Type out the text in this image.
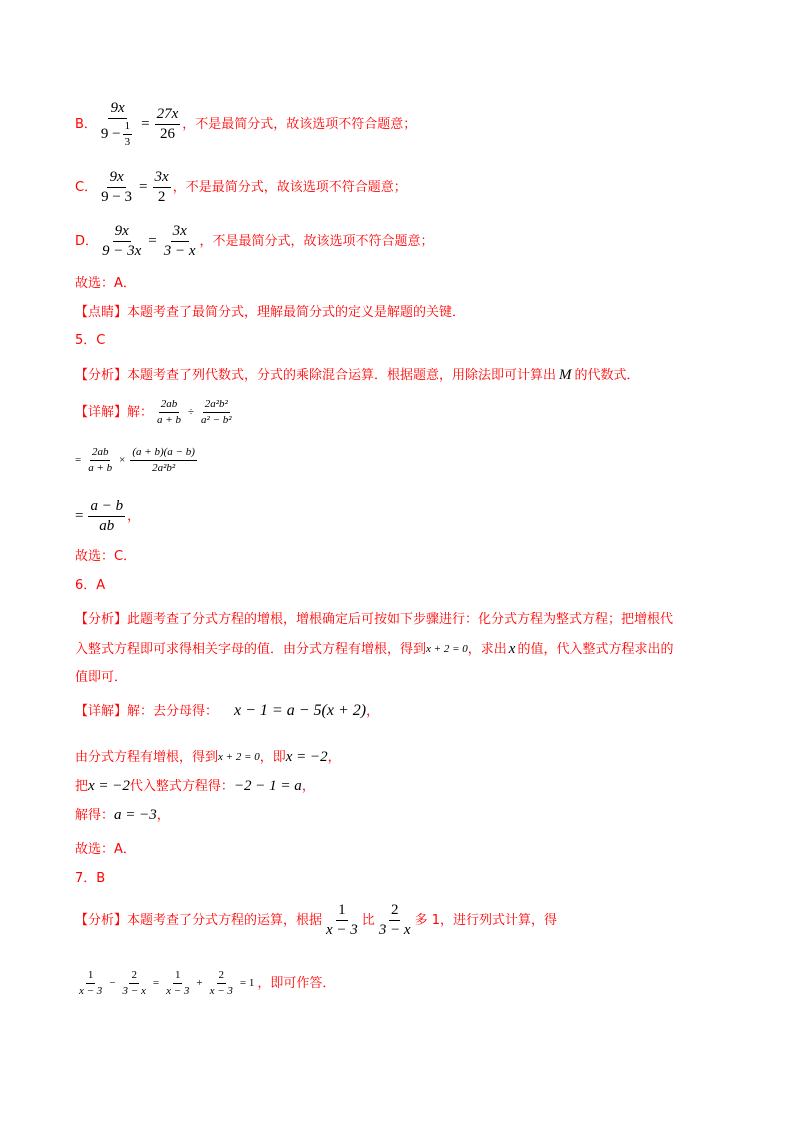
B． $\frac{9x}{9 - \frac{1}{3}} = \frac{27x}{26}$ ，不是最简分式，故该选项不符合题意；
C． $\frac{9x}{9 - 3} = \frac{3x}{2}$ ，不是最简分式，故该选项不符合题意；
D． $\frac{9x}{9 - 3x} = \frac{3x}{3 - x}$ ，不是最简分式，故该选项不符合题意；
故选：A．
【点睛】本题考查了最简分式，理解最简分式的定义是解题的关键．
5．C
【分析】本题考查了列代数式，分式的乘除混合运算．根据题意，用除法即可计算出 M 的代数式．
【详解】解： $\frac{2ab}{a + b} \div \frac{\text{2a²b²}}{\text{a² − b²}}$
= $\frac{2ab}{a + b} \times \frac{(a + b)(a - b)}{\text{2a²b²}}$
= $\frac{a - b}{ab}$ ，
故选：C．
6．A
【分析】此题考查了分式方程的增根，增根确定后可按如下步骤进行：化分式方程为整式方程；把增根代
入整式方程即可求得相关字母的值．由分式方程有增根，得到 x + 2 = 0 ，求出 x 的值，代入整式方程求出的
值即可．
【详解】解：去分母得： x − 1 = a − 5(x + 2) ，
由分式方程有增根，得到 x + 2 = 0 ，即 x = −2 ，
把 x = −2 代入整式方程得： −2 − 1 = a ，
解得： a = −3 ，
故选：A．
7．B
【分析】本题考查了分式方程的运算，根据 $\frac{1}{x - 3}$ 比 $\frac{2}{3 - x}$ 多 1，进行列式计算，得
$\frac{1}{x - 3} - \frac{2}{3 - x} = \frac{1}{x - 3} + \frac{2}{x - 3} = 1$ ，即可作答．
